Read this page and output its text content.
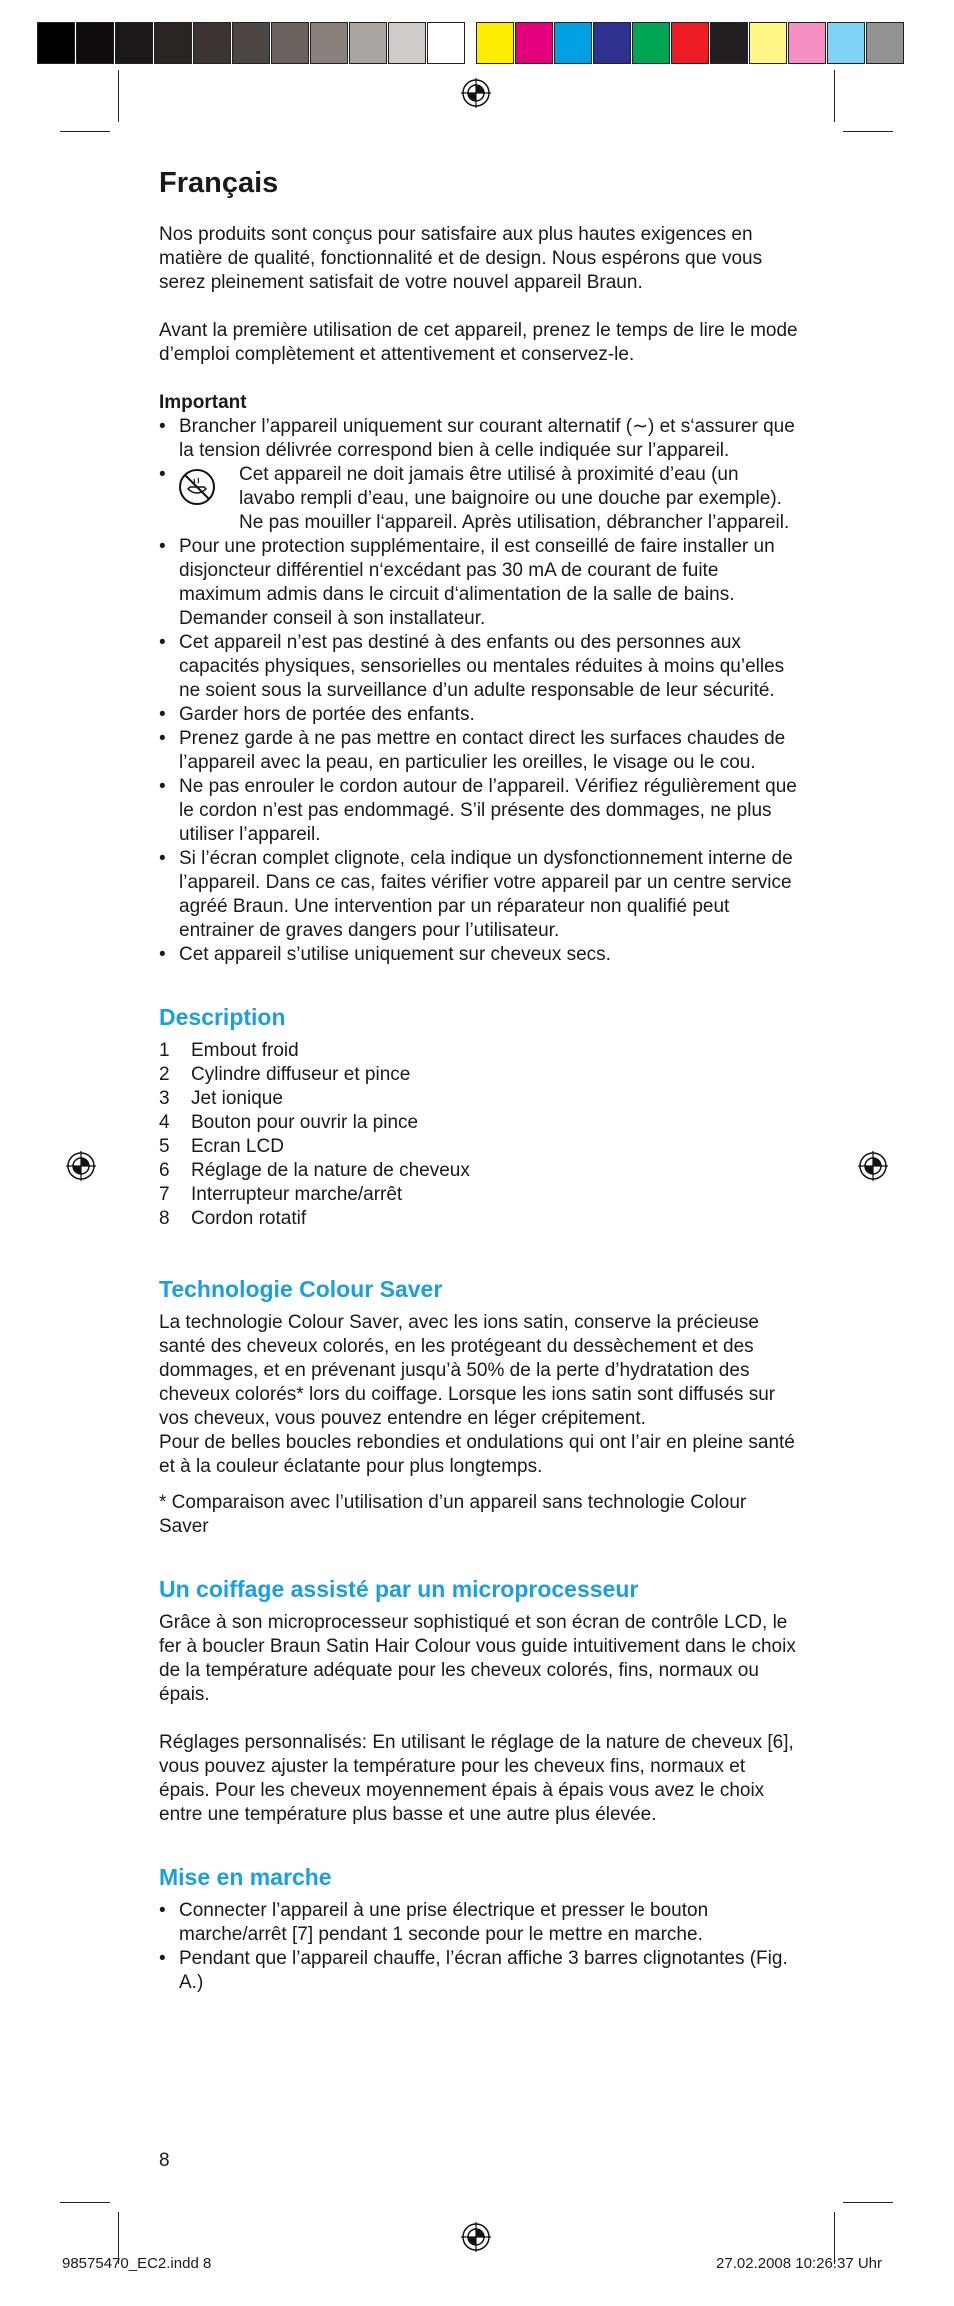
Français

Nos produits sont conçus pour satisfaire aux plus hautes exigences en matière de qualité, fonctionnalité et de design. Nous espérons que vous serez pleinement satisfait de votre nouvel appareil Braun.

Avant la première utilisation de cet appareil, prenez le temps de lire le mode d’emploi complètement et attentivement et conservez-le.

Important
• Brancher l’appareil uniquement sur courant alternatif (∼) et s‘assurer que la tension délivrée correspond bien à celle indiquée sur l’appareil.
• Cet appareil ne doit jamais être utilisé à proximité d’eau (un lavabo rempli d’eau, une baignoire ou une douche par exemple). Ne pas mouiller l‘appareil. Après utilisation, débrancher l’appareil.
• Pour une protection supplémentaire, il est conseillé de faire installer un disjoncteur différentiel n‘excédant pas 30 mA de courant de fuite maximum admis dans le circuit d‘alimentation de la salle de bains. Demander conseil à son installateur.
• Cet appareil n’est pas destiné à des enfants ou des personnes aux capacités physiques, sensorielles ou mentales réduites à moins qu’elles ne soient sous la surveillance d’un adulte responsable de leur sécurité.
• Garder hors de portée des enfants.
• Prenez garde à ne pas mettre en contact direct les surfaces chaudes de l’appareil avec la peau, en particulier les oreilles, le visage ou le cou.
• Ne pas enrouler le cordon autour de l’appareil. Vérifiez régulièrement que le cordon n’est pas endommagé. S’il présente des dommages, ne plus utiliser l’appareil.
• Si l’écran complet clignote, cela indique un dysfonctionnement interne de l’appareil. Dans ce cas, faites vérifier votre appareil par un centre service agréé Braun. Une intervention par un réparateur non qualifié peut entrainer de graves dangers pour l’utilisateur.
• Cet appareil s’utilise uniquement sur cheveux secs.
Description
1 Embout froid
2 Cylindre diffuseur et pince
3 Jet ionique
4 Bouton pour ouvrir la pince
5 Ecran LCD
6 Réglage de la nature de cheveux
7 Interrupteur marche/arrêt
8 Cordon rotatif
Technologie Colour Saver

La technologie Colour Saver, avec les ions satin, conserve la précieuse santé des cheveux colorés, en les protégeant du dessèchement et des dommages, et en prévenant jusqu’à 50% de la perte d’hydratation des cheveux colorés* lors du coiffage. Lorsque les ions satin sont diffusés sur vos cheveux, vous pouvez entendre en léger crépitement.

Pour de belles boucles rebondies et ondulations qui ont l’air en pleine santé et à la couleur éclatante pour plus longtemps.

* Comparaison avec l’utilisation d’un appareil sans technologie Colour Saver

Un coiffage assisté par un microprocesseur

Grâce à son microprocesseur sophistiqué et son écran de contrôle LCD, le fer à boucler Braun Satin Hair Colour vous guide intuitivement dans le choix de la température adéquate pour les cheveux colorés, fins, normaux ou épais.

Réglages personnalisés: En utilisant le réglage de la nature de cheveux [6], vous pouvez ajuster la température pour les cheveux fins, normaux et épais. Pour les cheveux moyennement épais à épais vous avez le choix entre une température plus basse et une autre plus élevée.

Mise en marche
• Connecter l’appareil à une prise électrique et presser le bouton marche/arrêt [7] pendant 1 seconde pour le mettre en marche.
• Pendant que l’appareil chauffe, l’écran affiche 3 barres clignotantes (Fig. A.)
8
98575470_EC2.indd 8	27.02.2008 10:26:37 Uhr
